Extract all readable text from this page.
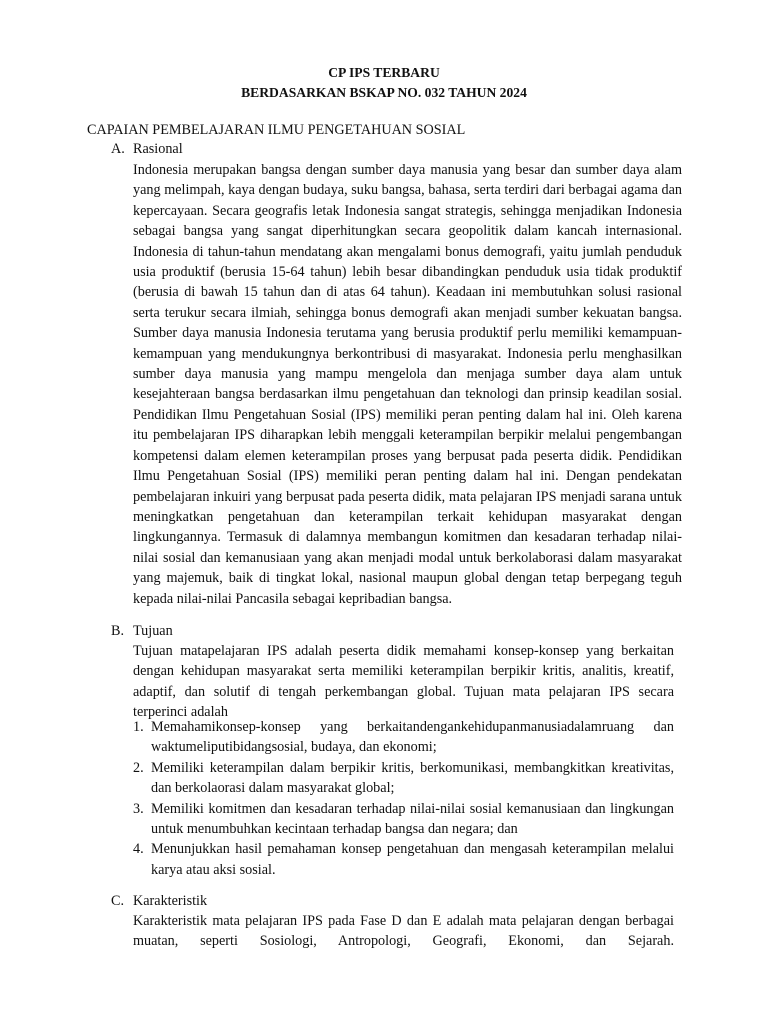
CP IPS TERBARU
BERDASARKAN BSKAP NO. 032 TAHUN 2024
CAPAIAN PEMBELAJARAN ILMU PENGETAHUAN SOSIAL
A. Rasional
Indonesia merupakan bangsa dengan sumber daya manusia yang besar dan sumber daya alam yang melimpah, kaya dengan budaya, suku bangsa, bahasa, serta terdiri dari berbagai agama dan kepercayaan. Secara geografis letak Indonesia sangat strategis, sehingga menjadikan Indonesia sebagai bangsa yang sangat diperhitungkan secara geopolitik dalam kancah internasional. Indonesia di tahun-tahun mendatang akan mengalami bonus demografi, yaitu jumlah penduduk usia produktif (berusia 15-64 tahun) lebih besar dibandingkan penduduk usia tidak produktif (berusia di bawah 15 tahun dan di atas 64 tahun). Keadaan ini membutuhkan solusi rasional serta terukur secara ilmiah, sehingga bonus demografi akan menjadi sumber kekuatan bangsa. Sumber daya manusia Indonesia terutama yang berusia produktif perlu memiliki kemampuan-kemampuan yang mendukungnya berkontribusi di masyarakat. Indonesia perlu menghasilkan sumber daya manusia yang mampu mengelola dan menjaga sumber daya alam untuk kesejahteraan bangsa berdasarkan ilmu pengetahuan dan teknologi dan prinsip keadilan sosial. Pendidikan Ilmu Pengetahuan Sosial (IPS) memiliki peran penting dalam hal ini. Oleh karena itu pembelajaran IPS diharapkan lebih menggali keterampilan berpikir melalui pengembangan kompetensi dalam elemen keterampilan proses yang berpusat pada peserta didik. Pendidikan Ilmu Pengetahuan Sosial (IPS) memiliki peran penting dalam hal ini. Dengan pendekatan pembelajaran inkuiri yang berpusat pada peserta didik, mata pelajaran IPS menjadi sarana untuk meningkatkan pengetahuan dan keterampilan terkait kehidupan masyarakat dengan lingkungannya. Termasuk di dalamnya membangun komitmen dan kesadaran terhadap nilai-nilai sosial dan kemanusiaan yang akan menjadi modal untuk berkolaborasi dalam masyarakat yang majemuk, baik di tingkat lokal, nasional maupun global dengan tetap berpegang teguh kepada nilai-nilai Pancasila sebagai kepribadian bangsa.
B. Tujuan
Tujuan matapelajaran IPS adalah peserta didik memahami konsep-konsep yang berkaitan dengan kehidupan masyarakat serta memiliki keterampilan berpikir kritis, analitis, kreatif, adaptif, dan solutif di tengah perkembangan global. Tujuan mata pelajaran IPS secara terperinci adalah
1. Memahamikonsep-konsep yang berkaitandengankehidupanmanusiadalamruang dan waktumeliputibidangsosial, budaya, dan ekonomi;
2. Memiliki keterampilan dalam berpikir kritis, berkomunikasi, membangkitkan kreativitas, dan berkolaorasi dalam masyarakat global;
3. Memiliki komitmen dan kesadaran terhadap nilai-nilai sosial kemanusiaan dan lingkungan untuk menumbuhkan kecintaan terhadap bangsa dan negara; dan
4. Menunjukkan hasil pemahaman konsep pengetahuan dan mengasah keterampilan melalui karya atau aksi sosial.
C. Karakteristik
Karakteristik mata pelajaran IPS pada Fase D dan E adalah mata pelajaran dengan berbagai muatan, seperti Sosiologi, Antropologi, Geografi, Ekonomi, dan Sejarah.
